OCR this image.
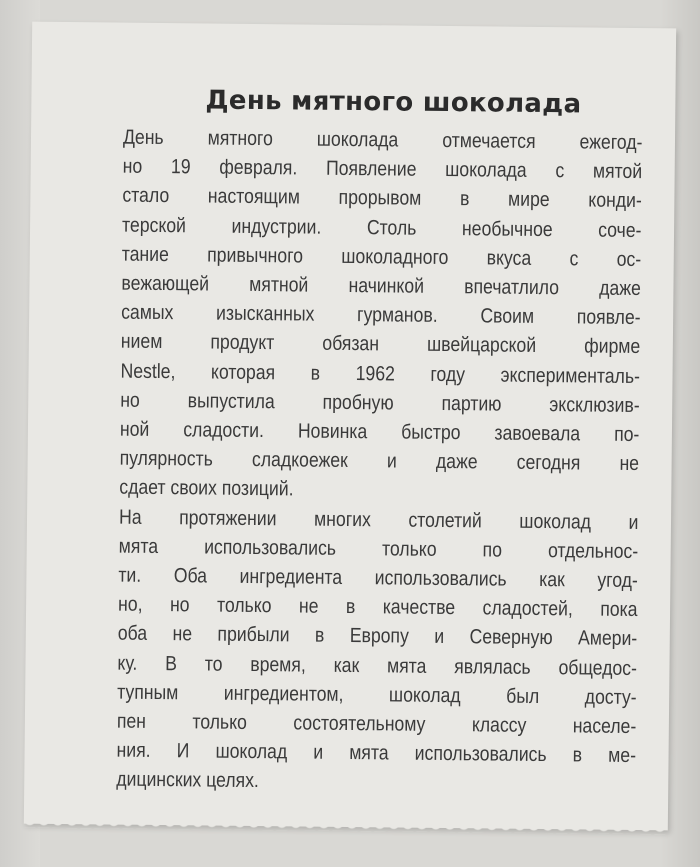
День мятного шоколада

День мятного шоколада отмечается ежегод-
но 19 февраля. Появление шоколада с мятой
стало настоящим прорывом в мире конди-
терской индустрии. Столь необычное соче-
тание привычного шоколадного вкуса с ос-
вежающей мятной начинкой впечатлило даже
самых изысканных гурманов. Своим появле-
нием продукт обязан швейцарской фирме
Nestle, которая в 1962 году эксперименталь-
но выпустила пробную партию эксклюзив-
ной сладости. Новинка быстро завоевала по-
пулярность сладкоежек и даже сегодня не
сдает своих позиций.

На протяжении многих столетий шоколад и
мята использовались только по отдельнос-
ти. Оба ингредиента использовались как угод-
но, но только не в качестве сладостей, пока
оба не прибыли в Европу и Северную Амери-
ку. В то время, как мята являлась общедос-
тупным ингредиентом, шоколад был досту-
пен только состоятельному классу населе-
ния. И шоколад и мята использовались в ме-
дицинских целях.
